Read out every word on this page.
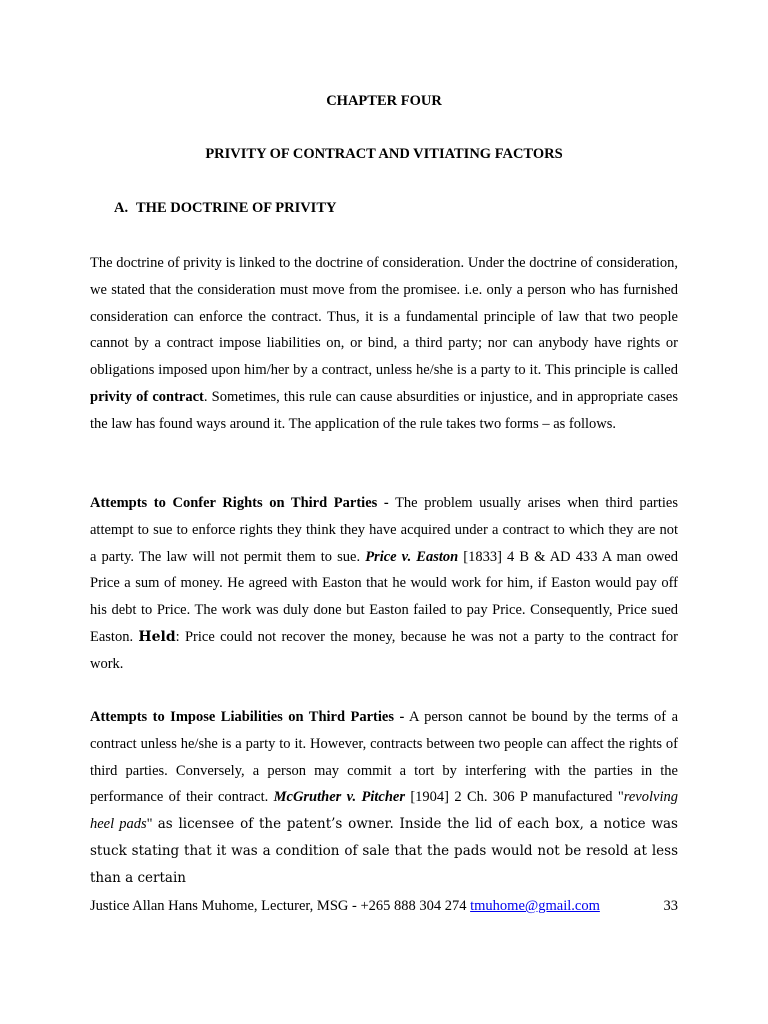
CHAPTER FOUR
PRIVITY OF CONTRACT AND VITIATING FACTORS
A. THE DOCTRINE OF PRIVITY

The doctrine of privity is linked to the doctrine of consideration. Under the doctrine of consideration, we stated that the consideration must move from the promisee. i.e. only a person who has furnished consideration can enforce the contract. Thus, it is a fundamental principle of law that two people cannot by a contract impose liabilities on, or bind, a third party; nor can anybody have rights or obligations imposed upon him/her by a contract, unless he/she is a party to it. This principle is called privity of contract. Sometimes, this rule can cause absurdities or injustice, and in appropriate cases the law has found ways around it. The application of the rule takes two forms – as follows.

Attempts to Confer Rights on Third Parties - The problem usually arises when third parties attempt to sue to enforce rights they think they have acquired under a contract to which they are not a party. The law will not permit them to sue. Price v. Easton [1833] 4 B & AD 433 A man owed Price a sum of money. He agreed with Easton that he would work for him, if Easton would pay off his debt to Price. The work was duly done but Easton failed to pay Price. Consequently, Price sued Easton. Held: Price could not recover the money, because he was not a party to the contract for work.

Attempts to Impose Liabilities on Third Parties - A person cannot be bound by the terms of a contract unless he/she is a party to it. However, contracts between two people can affect the rights of third parties. Conversely, a person may commit a tort by interfering with the parties in the performance of their contract. McGruther v. Pitcher [1904] 2 Ch. 306 P manufactured "revolving heel pads" as licensee of the patent’s owner. Inside the lid of each box, a notice was stuck stating that it was a condition of sale that the pads would not be resold at less than a certain

Justice Allan Hans Muhome, Lecturer, MSG - +265 888 304 274 tmuhome@gmail.com	33
